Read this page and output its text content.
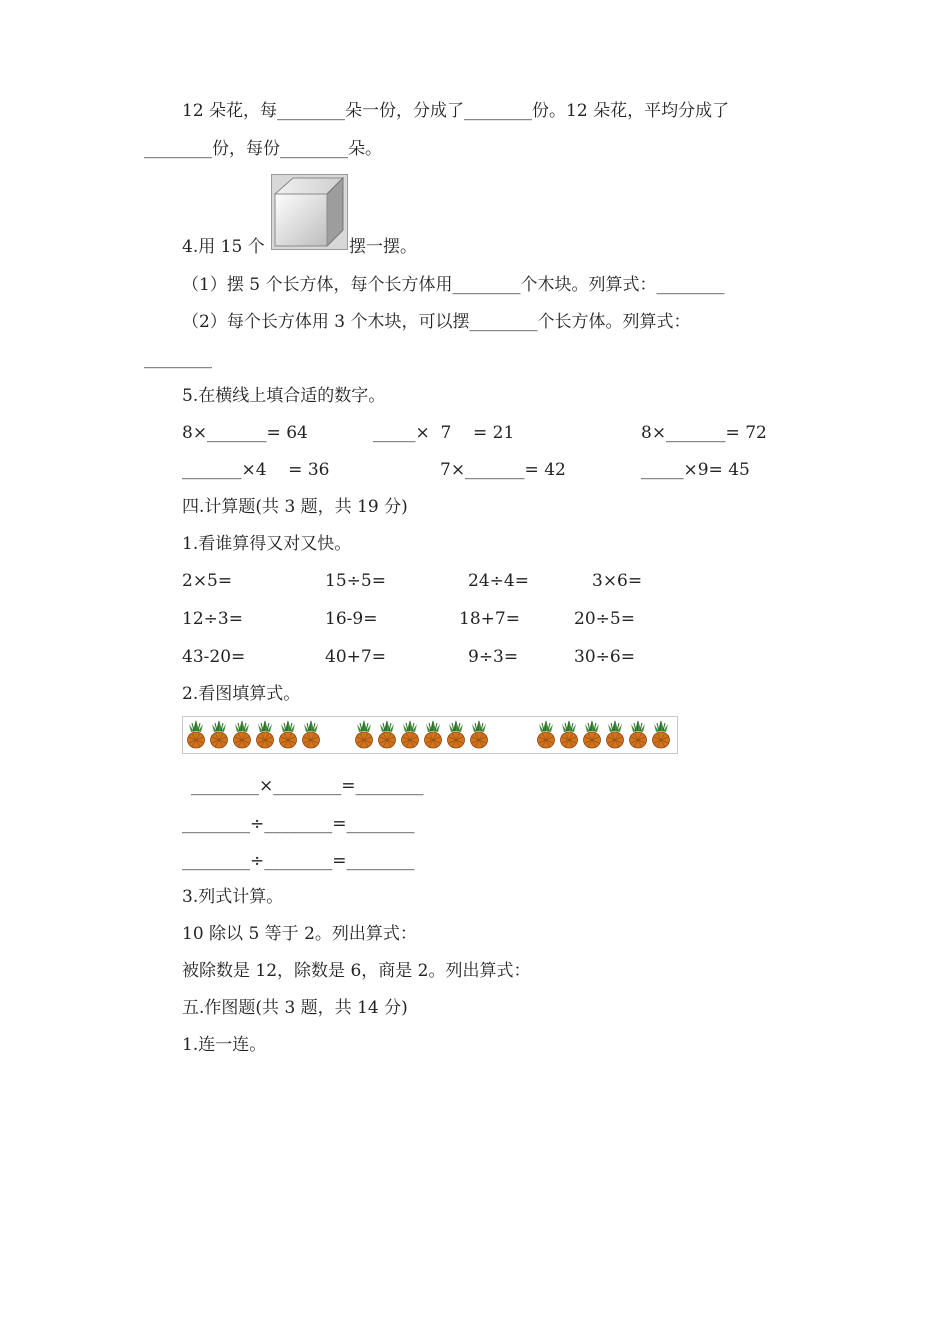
12 朵花，每________朵一份，分成了________份。12 朵花，平均分成了
________份，每份________朵。
4.用 15 个	摆一摆。
（1）摆 5 个长方体，每个长方体用________个木块。列算式：________
（2）每个长方体用 3 个木块，可以摆________个长方体。列算式：
________
5.在横线上填合适的数字。
8×_______= 64	_____×  7    = 21	8×_______= 72
_______×4    = 36	7×_______= 42	_____×9= 45
四.计算题(共 3 题，共 19 分)
1.看谁算得又对又快。
2×5=	15÷5=	24÷4=	3×6=
12÷3=	16-9=	18+7=	20÷5=
43-20=	40+7=	9÷3=	30÷6=
2.看图填算式。
________×________=________
________÷________=________
________÷________=________
3.列式计算。
10 除以 5 等于 2。列出算式：
被除数是 12，除数是 6，商是 2。列出算式：
五.作图题(共 3 题，共 14 分)
1.连一连。
